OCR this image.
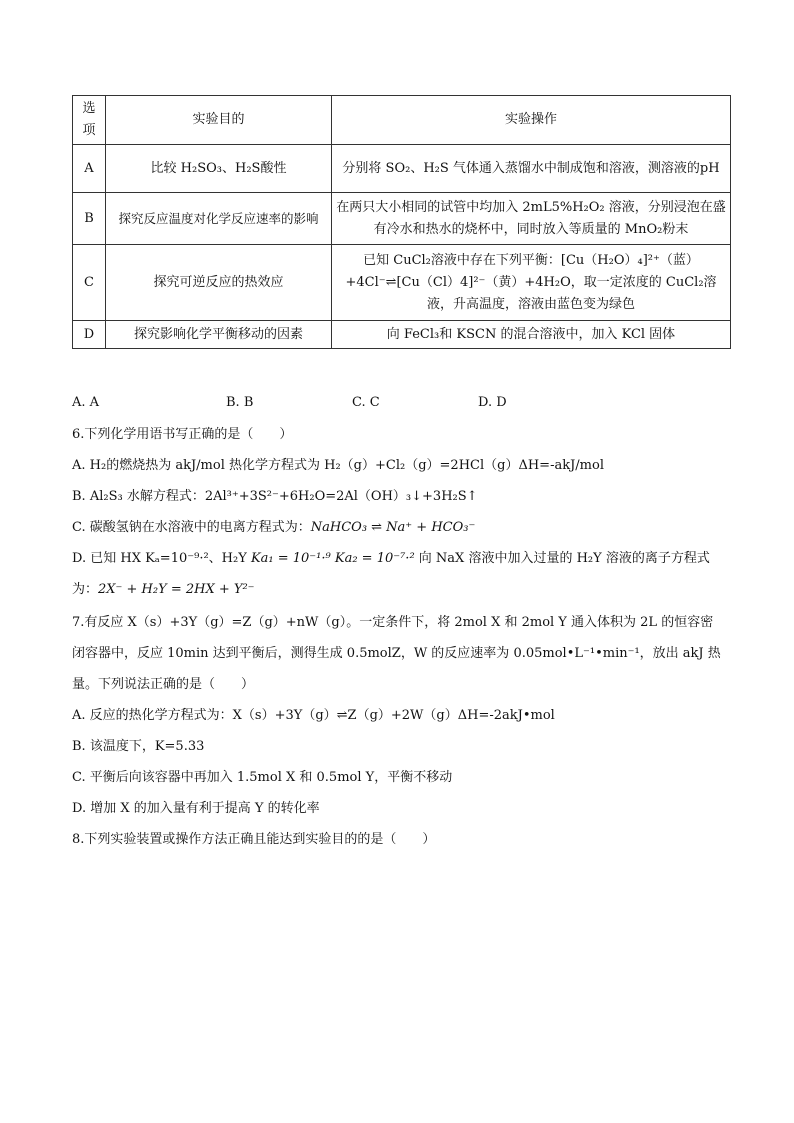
选项	实验目的	实验操作
A	比较 H₂SO₃、H₂S酸性	分别将 SO₂、H₂S 气体通入蒸馏水中制成饱和溶液，测溶液的pH
B	探究反应温度对化学反应速率的影响	在两只大小相同的试管中均加入 2mL5%H₂O₂ 溶液，分别浸泡在盛有冷水和热水的烧杯中，同时放入等质量的 MnO₂粉末
C	探究可逆反应的热效应	已知 CuCl₂溶液中存在下列平衡：[Cu（H₂O）₄]²⁺（蓝）+4Cl⁻⇌[Cu（Cl）4]²⁻（黄）+4H₂O，取一定浓度的 CuCl₂溶液，升高温度，溶液由蓝色变为绿色
D	探究影响化学平衡移动的因素	向 FeCl₃和 KSCN 的混合溶液中，加入 KCl 固体
A. A	B. B	C. C	D. D
6.下列化学用语书写正确的是（　　）
A. H₂的燃烧热为 akJ/mol 热化学方程式为 H₂（g）+Cl₂（g）=2HCl（g）ΔH=-akJ/mol
B. Al₂S₃ 水解方程式：2Al³⁺+3S²⁻+6H₂O=2Al（OH）₃↓+3H₂S↑
C. 碳酸氢钠在水溶液中的电离方程式为：NaHCO₃ ⇌ Na⁺ + HCO₃⁻
D. 已知 HX Kₐ=10⁻⁹·²、H₂Y Ka₁ = 10⁻¹·⁹ Ka₂ = 10⁻⁷·² 向 NaX 溶液中加入过量的 H₂Y 溶液的离子方程式
为：2X⁻ + H₂Y = 2HX + Y²⁻
7.有反应 X（s）+3Y（g）=Z（g）+nW（g）。一定条件下，将 2mol X 和 2mol Y 通入体积为 2L 的恒容密
闭容器中，反应 10min 达到平衡后，测得生成 0.5molZ，W 的反应速率为 0.05mol•L⁻¹•min⁻¹，放出 akJ 热
量。下列说法正确的是（　　）
A. 反应的热化学方程式为：X（s）+3Y（g）⇌Z（g）+2W（g）ΔH=-2akJ•mol
B. 该温度下，K=5.33
C. 平衡后向该容器中再加入 1.5mol X 和 0.5mol Y，平衡不移动
D. 增加 X 的加入量有利于提高 Y 的转化率
8.下列实验装置或操作方法正确且能达到实验目的的是（　　）
